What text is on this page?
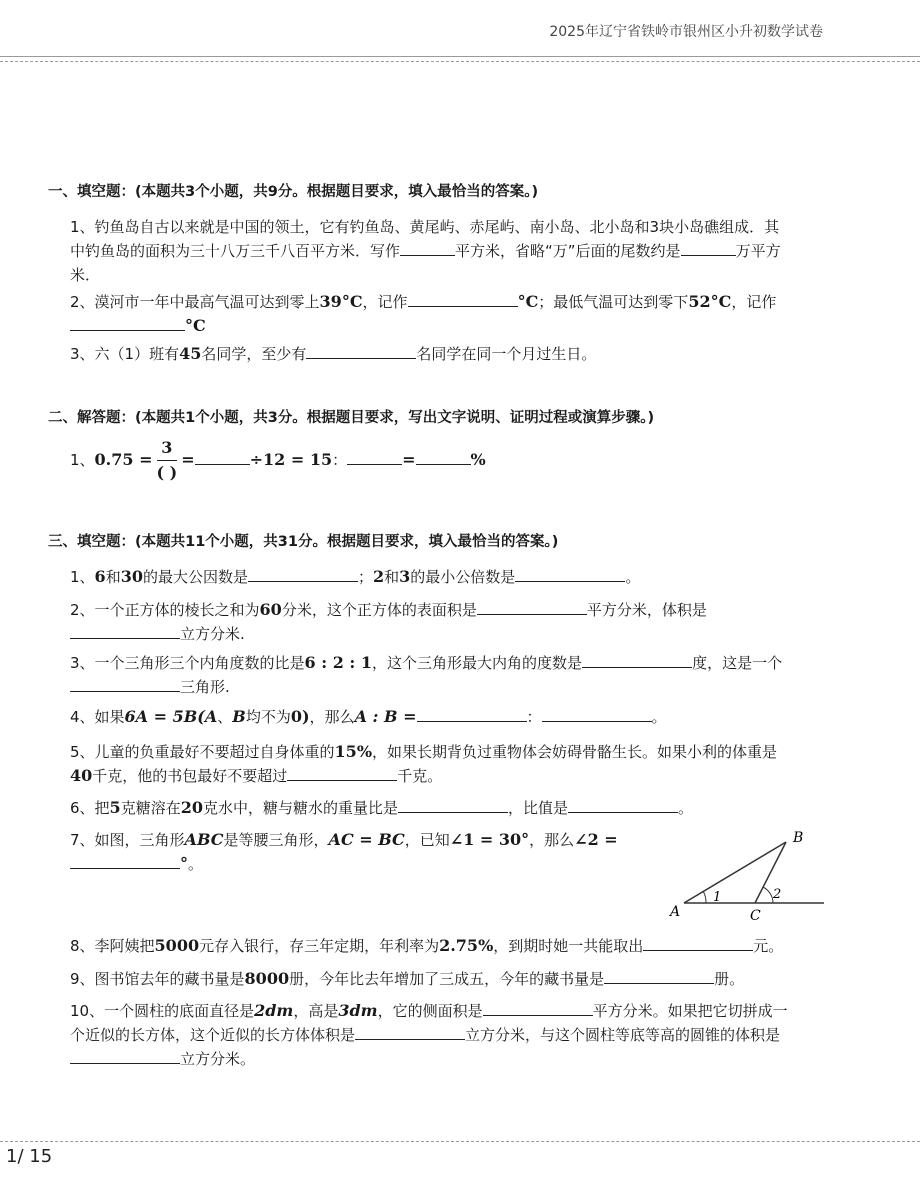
2025年辽宁省铁岭市银州区小升初数学试卷
一、填空题：(本题共3个小题，共9分。根据题目要求，填入最恰当的答案。)
1、钓鱼岛自古以来就是中国的领土，它有钓鱼岛、黄尾屿、赤尾屿、南小岛、北小岛和3块小岛礁组成．其
中钓鱼岛的面积为三十八万三千八百平方米．写作	平方米，省略“万”后面的尾数约是	万平方
米．
2、漠河市一年中最高气温可达到零上39°C，记作	°C；最低气温可达到零下52°C，记作
°C
3、六（1）班有45名同学，至少有	名同学在同一个月过生日。
二、解答题：(本题共1个小题，共3分。根据题目要求，写出文字说明、证明过程或演算步骤。)
1、$0.75 = \frac{3}{( )}$ =	÷12 = 15：	=	%
三、填空题：(本题共11个小题，共31分。根据题目要求，填入最恰当的答案。)
1、6和30的最大公因数是	；2和3的最小公倍数是	。
2、一个正方体的棱长之和为60分米，这个正方体的表面积是	平方分米，体积是
立方分米.
3、一个三角形三个内角度数的比是6 : 2 : 1，这个三角形最大内角的度数是	度，这是一个
三角形.
4、如果6A = 5B(A、B均不为0)，那么A : B =	：	。
5、儿童的负重最好不要超过自身体重的15%，如果长期背负过重物体会妨碍骨骼生长。如果小利的体重是
40千克，他的书包最好不要超过	千克。
6、把5克糖溶在20克水中，糖与糖水的重量比是	，比值是	。
7、如图，三角形ABC是等腰三角形，AC = BC，已知∠1 = 30°，那么∠2 =
°。
A
B
C
1	2
8、李阿姨把5000元存入银行，存三年定期，年利率为2.75%，到期时她一共能取出	元。
9、图书馆去年的藏书量是8000册，今年比去年增加了三成五，今年的藏书量是	册。
10、一个圆柱的底面直径是2dm，高是3dm，它的侧面积是	平方分米。如果把它切拼成一
个近似的长方体，这个近似的长方体体积是	立方分米，与这个圆柱等底等高的圆锥的体积是
立方分米。
1/ 15
